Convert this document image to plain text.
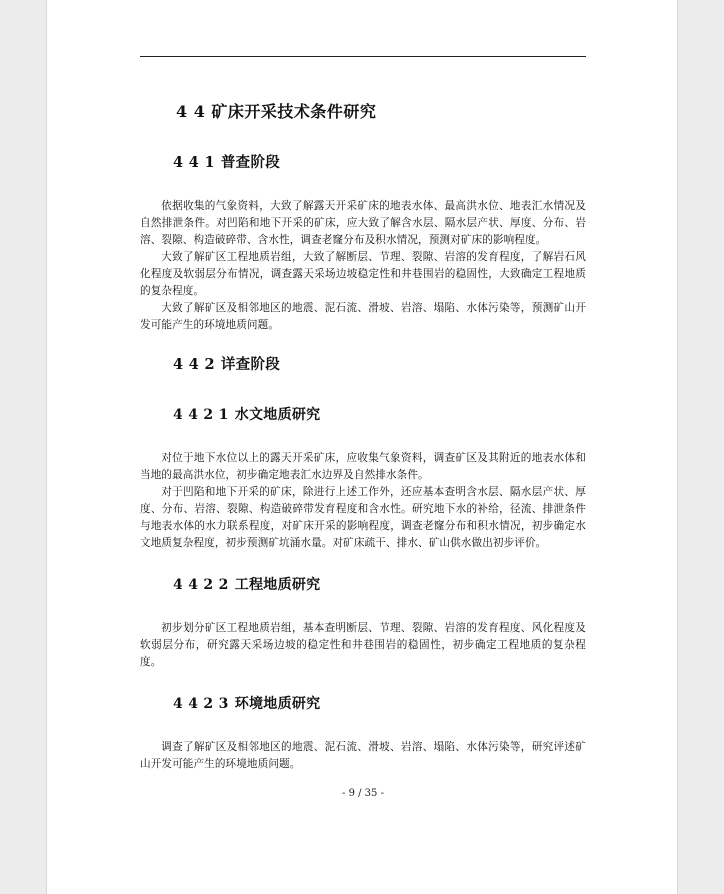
4 4 矿床开采技术条件研究
4 4 1 普查阶段

依据收集的气象资料，大致了解露天开采矿床的地表水体、最高洪水位、地表汇水情况及自然排泄条件。对凹陷和地下开采的矿床，应大致了解含水层、隔水层产状、厚度、分布、岩溶、裂隙、构造破碎带、含水性，调查老窿分布及积水情况，预测对矿床的影响程度。

大致了解矿区工程地质岩组，大致了解断层、节理、裂隙、岩溶的发育程度，了解岩石风化程度及软弱层分布情况，调查露天采场边坡稳定性和井巷围岩的稳固性，大致确定工程地质的复杂程度。

大致了解矿区及相邻地区的地震、泥石流、滑坡、岩溶、塌陷、水体污染等，预测矿山开发可能产生的环境地质问题。

4 4 2 详查阶段
4 4 2 1 水文地质研究

对位于地下水位以上的露天开采矿床，应收集气象资料，调查矿区及其附近的地表水体和当地的最高洪水位，初步确定地表汇水边界及自然排水条件。

对于凹陷和地下开采的矿床，除进行上述工作外，还应基本查明含水层、隔水层产状、厚度、分布、岩溶、裂隙、构造破碎带发育程度和含水性。研究地下水的补给，径流、排泄条件与地表水体的水力联系程度，对矿床开采的影响程度，调查老窿分布和积水情况，初步确定水文地质复杂程度，初步预测矿坑涌水量。对矿床疏干、排水、矿山供水做出初步评价。

4 4 2 2 工程地质研究

初步划分矿区工程地质岩组，基本查明断层、节理、裂隙、岩溶的发育程度、风化程度及软弱层分布，研究露天采场边坡的稳定性和井巷围岩的稳固性，初步确定工程地质的复杂程度。

4 4 2 3 环境地质研究

调查了解矿区及相邻地区的地震、泥石流、滑坡、岩溶、塌陷、水体污染等，研究评述矿山开发可能产生的环境地质问题。

- 9 / 35 -
